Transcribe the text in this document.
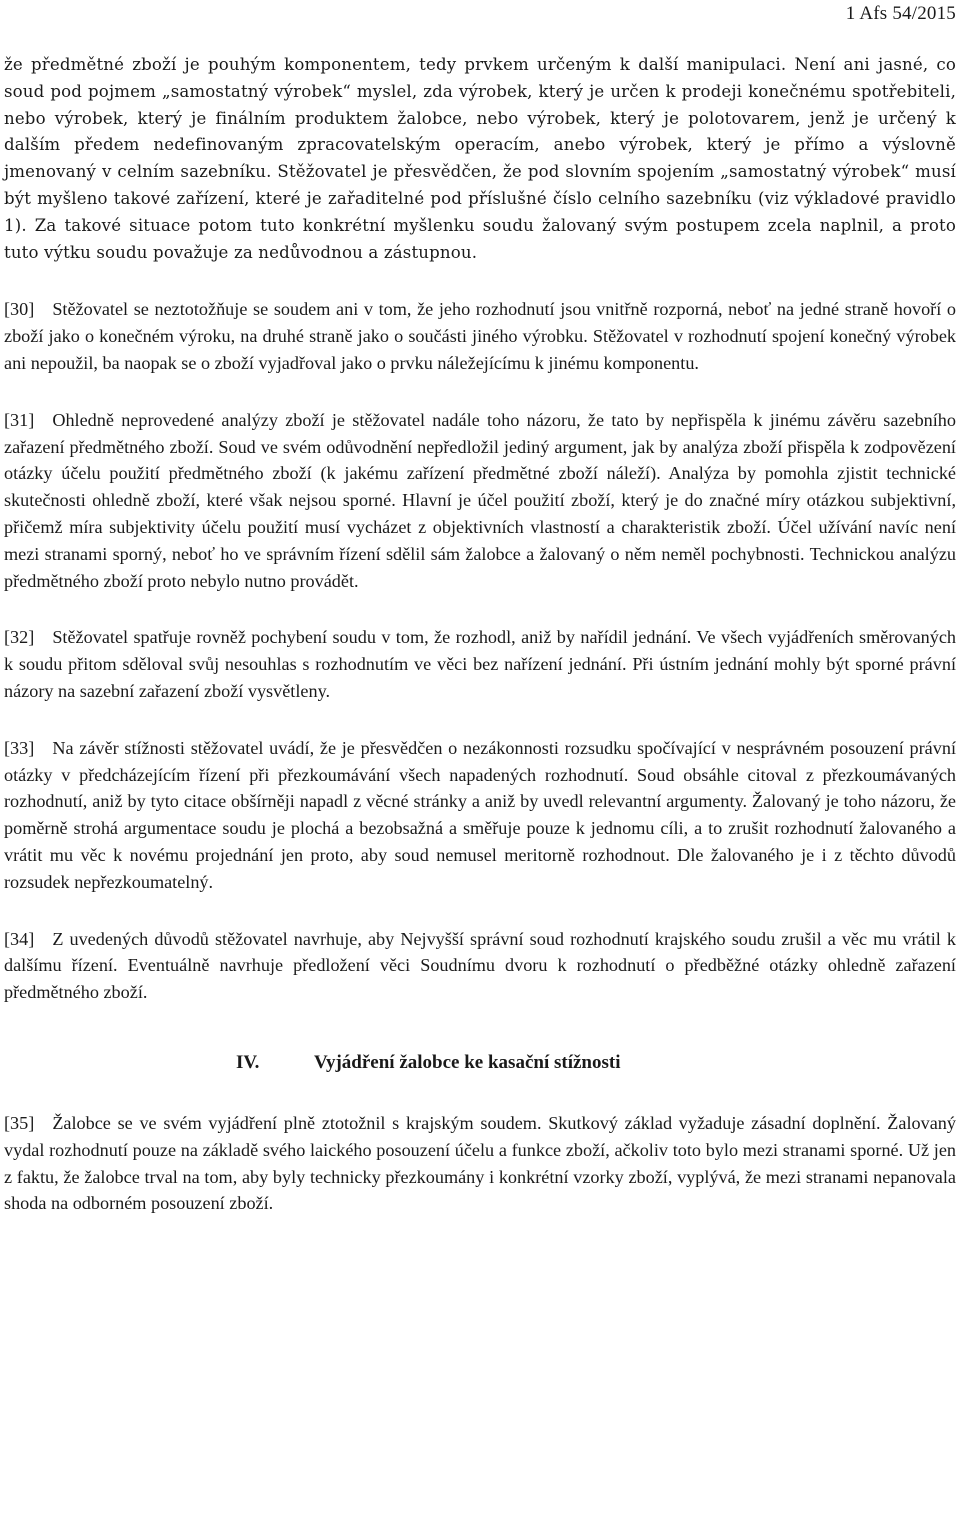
1 Afs 54/2015

že předmětné zboží je pouhým komponentem, tedy prvkem určeným k další manipulaci. Není ani jasné, co soud pod pojmem „samostatný výrobek“ myslel, zda výrobek, který je určen k prodeji konečnému spotřebiteli, nebo výrobek, který je finálním produktem žalobce, nebo výrobek, který je polotovarem, jenž je určený k dalším předem nedefinovaným zpracovatelským operacím, anebo výrobek, který je přímo a výslovně jmenovaný v celním sazebníku. Stěžovatel je přesvědčen, že pod slovním spojením „samostatný výrobek“ musí být myšleno takové zařízení, které je zařaditelné pod příslušné číslo celního sazebníku (viz výkladové pravidlo 1). Za takové situace potom tuto konkrétní myšlenku soudu žalovaný svým postupem zcela naplnil, a proto tuto výtku soudu považuje za nedůvodnou a zástupnou.

[30] Stěžovatel se neztotožňuje se soudem ani v tom, že jeho rozhodnutí jsou vnitřně rozporná, neboť na jedné straně hovoří o zboží jako o konečném výroku, na druhé straně jako o součásti jiného výrobku. Stěžovatel v rozhodnutí spojení konečný výrobek ani nepoužil, ba naopak se o zboží vyjadřoval jako o prvku náležejícímu k jinému komponentu.
[31] Ohledně neprovedené analýzy zboží je stěžovatel nadále toho názoru, že tato by nepřispěla k jinému závěru sazebního zařazení předmětného zboží. Soud ve svém odůvodnění nepředložil jediný argument, jak by analýza zboží přispěla k zodpovězení otázky účelu použití předmětného zboží (k jakému zařízení předmětné zboží náleží). Analýza by pomohla zjistit technické skutečnosti ohledně zboží, které však nejsou sporné. Hlavní je účel použití zboží, který je do značné míry otázkou subjektivní, přičemž míra subjektivity účelu použití musí vycházet z objektivních vlastností a charakteristik zboží. Účel užívání navíc není mezi stranami sporný, neboť ho ve správním řízení sdělil sám žalobce a žalovaný o něm neměl pochybnosti. Technickou analýzu předmětného zboží proto nebylo nutno provádět.
[32] Stěžovatel spatřuje rovněž pochybení soudu v tom, že rozhodl, aniž by nařídil jednání. Ve všech vyjádřeních směrovaných k soudu přitom sděloval svůj nesouhlas s rozhodnutím ve věci bez nařízení jednání. Při ústním jednání mohly být sporné právní názory na sazební zařazení zboží vysvětleny.
[33] Na závěr stížnosti stěžovatel uvádí, že je přesvědčen o nezákonnosti rozsudku spočívající v nesprávném posouzení právní otázky v předcházejícím řízení při přezkoumávání všech napadených rozhodnutí. Soud obsáhle citoval z přezkoumávaných rozhodnutí, aniž by tyto citace obšírněji napadl z věcné stránky a aniž by uvedl relevantní argumenty. Žalovaný je toho názoru, že poměrně strohá argumentace soudu je plochá a bezobsažná a směřuje pouze k jednomu cíli, a to zrušit rozhodnutí žalovaného a vrátit mu věc k novému projednání jen proto, aby soud nemusel meritorně rozhodnout. Dle žalovaného je i z těchto důvodů rozsudek nepřezkoumatelný.
[34] Z uvedených důvodů stěžovatel navrhuje, aby Nejvyšší správní soud rozhodnutí krajského soudu zrušil a věc mu vrátil k dalšímu řízení. Eventuálně navrhuje předložení věci Soudnímu dvoru k rozhodnutí o předběžné otázky ohledně zařazení předmětného zboží.
IV.	Vyjádření žalobce ke kasační stížnosti
[35] Žalobce se ve svém vyjádření plně ztotožnil s krajským soudem. Skutkový základ vyžaduje zásadní doplnění. Žalovaný vydal rozhodnutí pouze na základě svého laického posouzení účelu a funkce zboží, ačkoliv toto bylo mezi stranami sporné. Už jen z faktu, že žalobce trval na tom, aby byly technicky přezkoumány i konkrétní vzorky zboží, vyplývá, že mezi stranami nepanovala shoda na odborném posouzení zboží.
